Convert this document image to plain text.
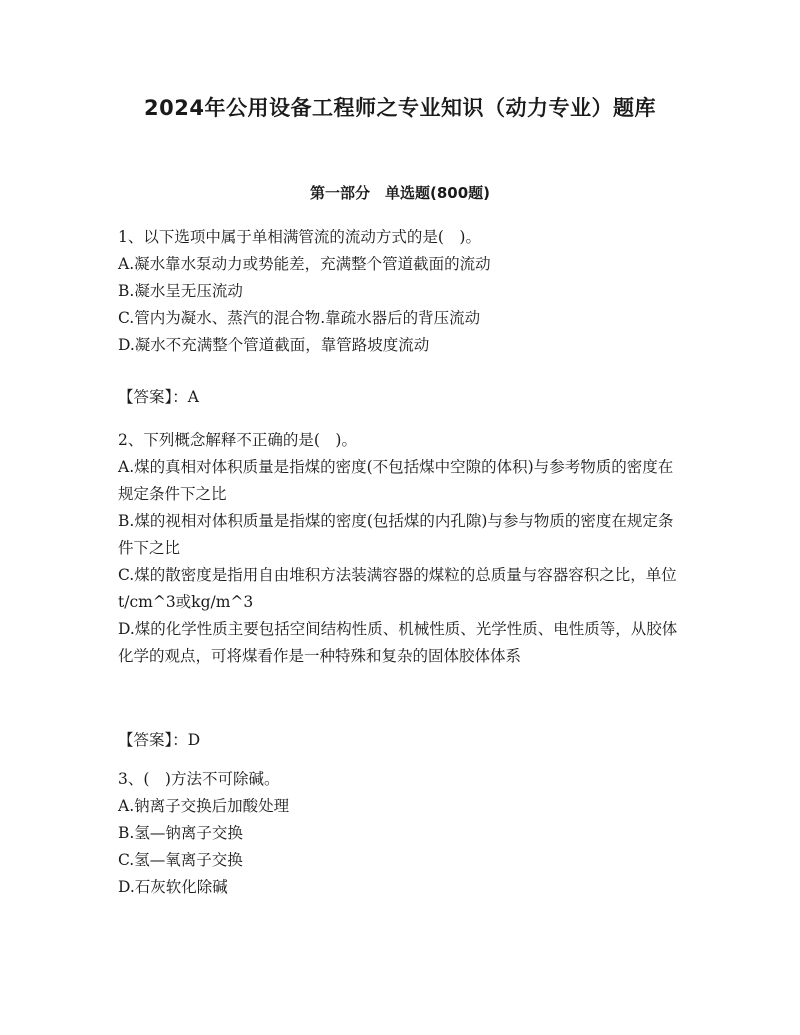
2024年公用设备工程师之专业知识（动力专业）题库
第一部分　单选题(800题)
1、以下选项中属于单相满管流的流动方式的是(　)。
A.凝水靠水泵动力或势能差，充满整个管道截面的流动
B.凝水呈无压流动
C.管内为凝水、蒸汽的混合物.靠疏水器后的背压流动
D.凝水不充满整个管道截面，靠管路坡度流动
【答案】：A
2、下列概念解释不正确的是(　)。
A.煤的真相对体积质量是指煤的密度(不包括煤中空隙的体积)与参考物质的密度在规定条件下之比
B.煤的视相对体积质量是指煤的密度(包括煤的内孔隙)与参与物质的密度在规定条件下之比
C.煤的散密度是指用自由堆积方法装满容器的煤粒的总质量与容器容积之比，单位t/cm^3或kg/m^3
D.煤的化学性质主要包括空间结构性质、机械性质、光学性质、电性质等，从胶体化学的观点，可将煤看作是一种特殊和复杂的固体胶体体系
【答案】：D
3、(　)方法不可除碱。
A.钠离子交换后加酸处理
B.氢—钠离子交换
C.氢—氧离子交换
D.石灰软化除碱
